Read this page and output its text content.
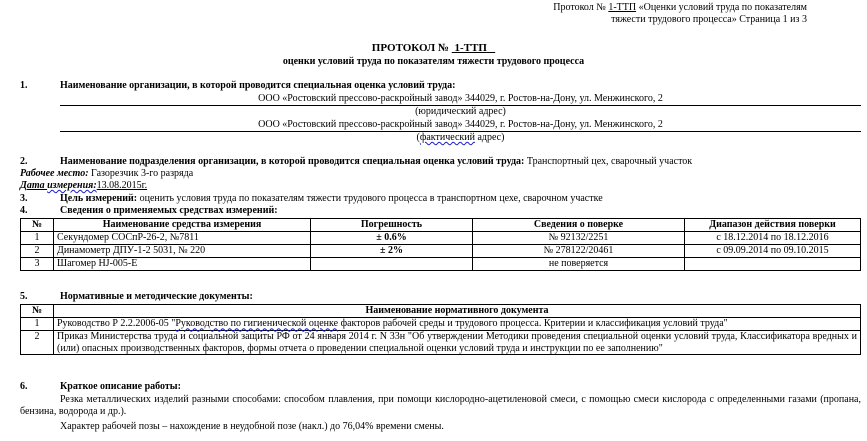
Протокол № 1-ТТП «Оценки условий труда по показателям
тяжести трудового процесса» Страница 1 из 3
ПРОТОКОЛ № 1-ТТП
оценки условий труда по показателям тяжести трудового процесса
1.	Наименование организации, в которой проводится специальная оценка условий труда:
ООО «Ростовский прессово-раскройный завод» 344029, г. Ростов-на-Дону, ул. Менжинского, 2
(юридический адрес)
ООО «Ростовский прессово-раскройный завод» 344029, г. Ростов-на-Дону, ул. Менжинского, 2
(фактический адрес)
2.	Наименование подразделения организации, в которой проводится специальная оценка условий труда: Транспортный цех, сварочный участок
Рабочее место: Газорезчик 3-го разряда
Дата измерения:13.08.2015г.
3.	Цель измерений: оценить условия труда по показателям тяжести трудового процесса в транспортном цехе, сварочном участке
4.	Сведения о применяемых средствах измерений:
№	Наименование средства измерения	Погрешность	Сведения о поверке	Диапазон действия поверки
1	Секундомер СОСпР-26-2, №7811	± 0.6%	№ 92132/2251	с 18.12.2014 по 18.12.2016
2	Динамометр ДПУ-1-2 5031, № 220	± 2%	№ 278122/20461	с 09.09.2014 по 09.10.2015
3	Шагомер HJ-005-E		не поверяется	
5.	Нормативные и методические документы:
№	Наименование нормативного документа
1	Руководство Р 2.2.2006-05 "Руководство по гигиенической оценке факторов рабочей среды и трудового процесса. Критерии и классификация условий труда"
2	Приказ Министерства труда и социальной защиты РФ от 24 января 2014 г. N 33н "Об утверждении Методики проведения специальной оценки условий труда, Классификатора вредных и (или) опасных производственных факторов, формы отчета о проведении специальной оценки условий труда и инструкции по ее заполнению"
6.	Краткое описание работы:
Резка металлических изделий разными способами: способом плавления, при помощи кислородно-ацетиленовой смеси, с помощью смеси кислорода с определенными газами (пропана, бензина, водорода и др.).
Характер рабочей позы – нахождение в неудобной позе (накл.) до 76,04% времени смены.
